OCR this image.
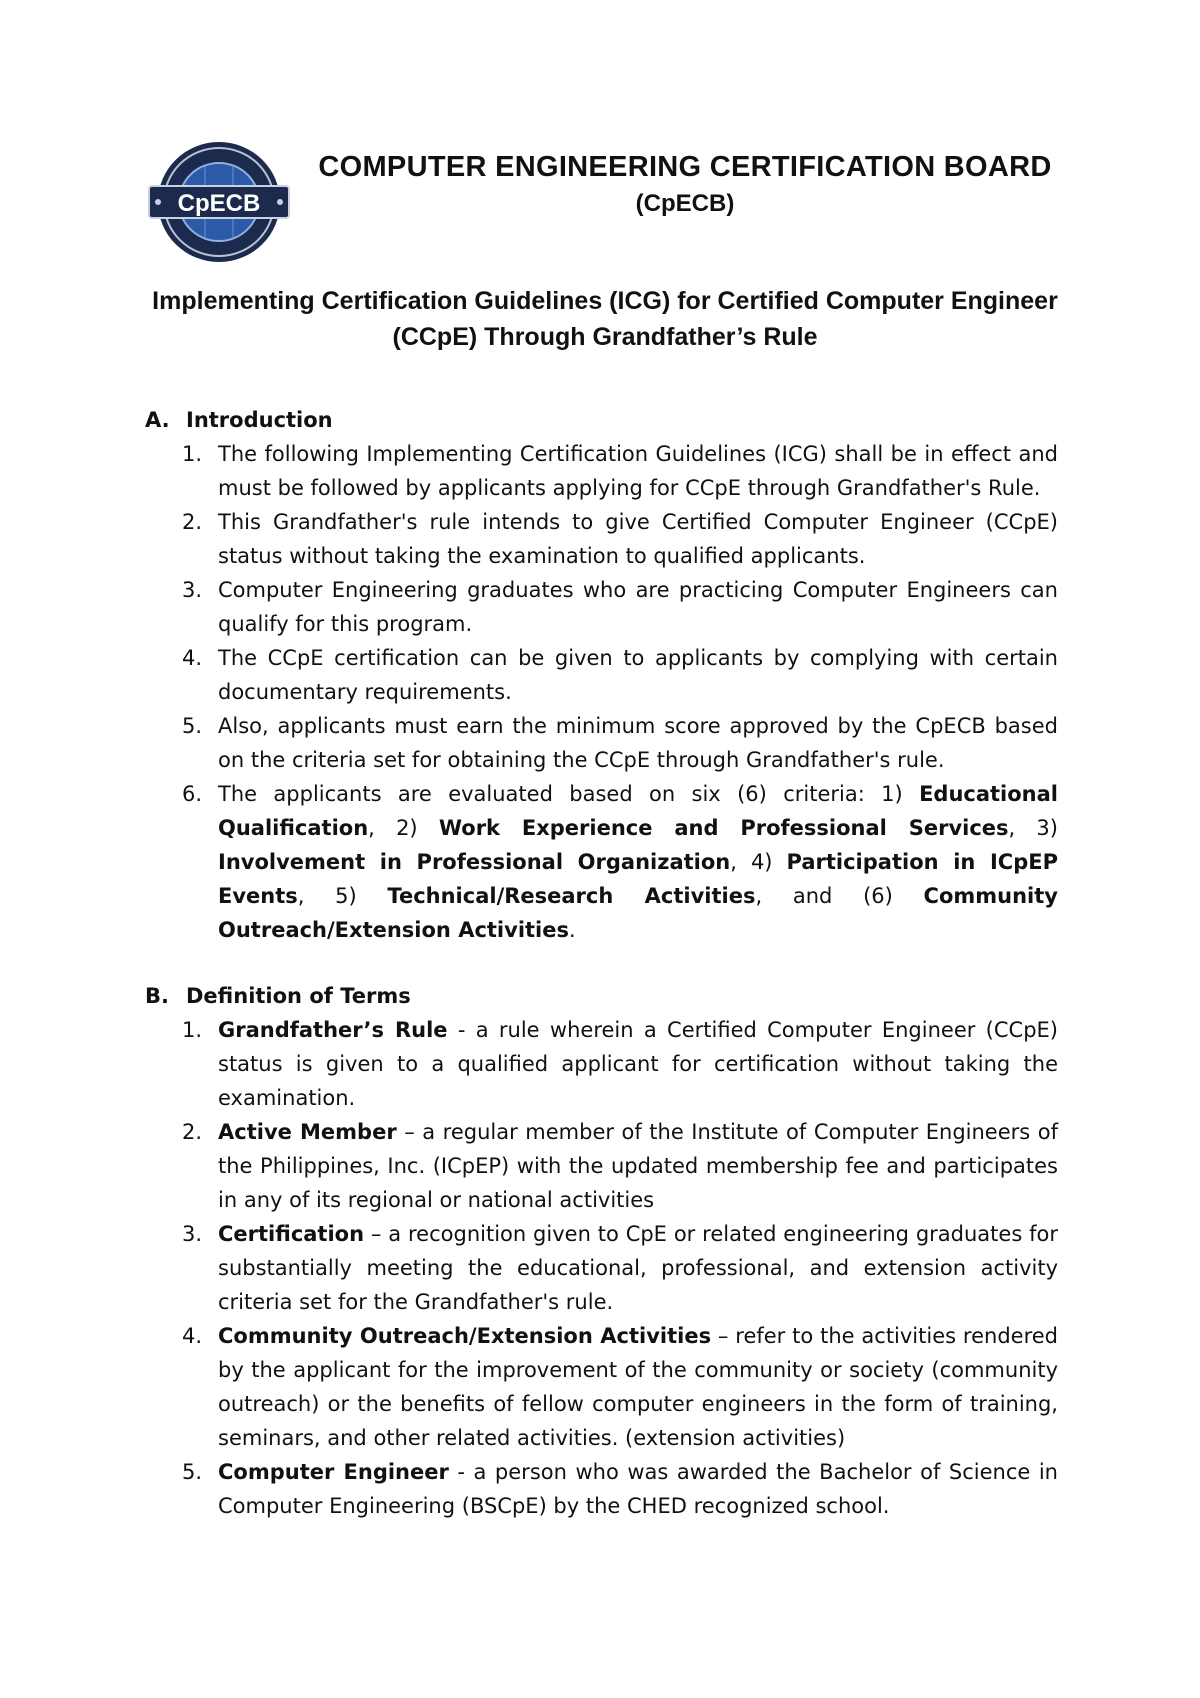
CpECB
COMPUTER ENGINEERING CERTIFICATION BOARD
(CpECB)
Implementing Certification Guidelines (ICG) for Certified Computer Engineer (CCpE) Through Grandfather’s Rule
A. Introduction
1. The following Implementing Certification Guidelines (ICG) shall be in effect and must be followed by applicants applying for CCpE through Grandfather's Rule.
2. This Grandfather's rule intends to give Certified Computer Engineer (CCpE) status without taking the examination to qualified applicants.
3. Computer Engineering graduates who are practicing Computer Engineers can qualify for this program.
4. The CCpE certification can be given to applicants by complying with certain documentary requirements.
5. Also, applicants must earn the minimum score approved by the CpECB based on the criteria set for obtaining the CCpE through Grandfather's rule.
6. The applicants are evaluated based on six (6) criteria: 1) Educational Qualification, 2) Work Experience and Professional Services, 3) Involvement in Professional Organization, 4) Participation in ICpEP Events, 5) Technical/Research Activities, and (6) Community Outreach/Extension Activities.
B. Definition of Terms
1. Grandfather’s Rule - a rule wherein a Certified Computer Engineer (CCpE) status is given to a qualified applicant for certification without taking the examination.
2. Active Member – a regular member of the Institute of Computer Engineers of the Philippines, Inc. (ICpEP) with the updated membership fee and participates in any of its regional or national activities
3. Certification – a recognition given to CpE or related engineering graduates for substantially meeting the educational, professional, and extension activity criteria set for the Grandfather's rule.
4. Community Outreach/Extension Activities – refer to the activities rendered by the applicant for the improvement of the community or society (community outreach) or the benefits of fellow computer engineers in the form of training, seminars, and other related activities. (extension activities)
5. Computer Engineer - a person who was awarded the Bachelor of Science in Computer Engineering (BSCpE) by the CHED recognized school.
